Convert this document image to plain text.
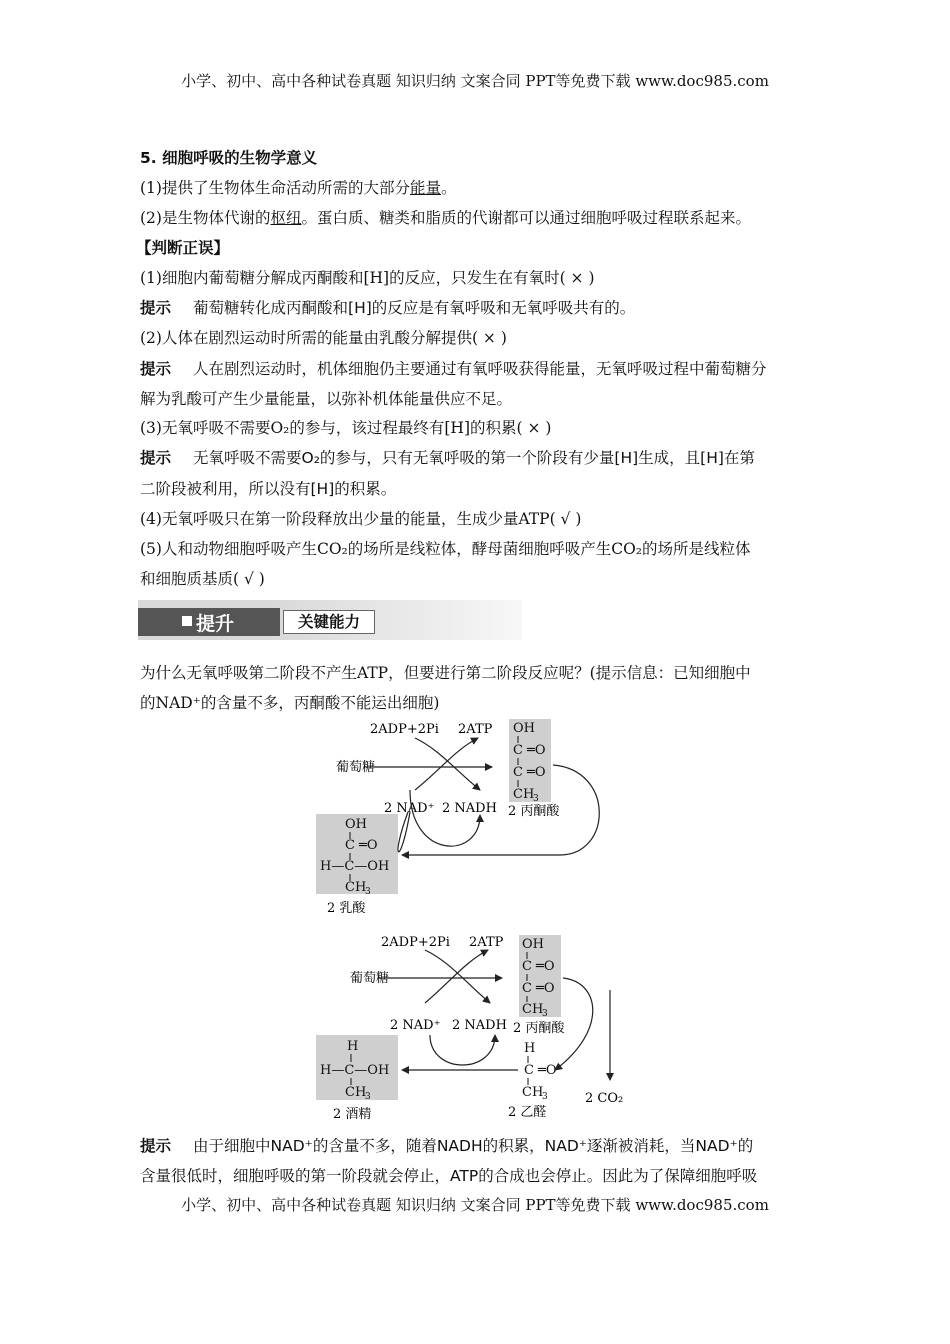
小学、初中、高中各种试卷真题 知识归纳 文案合同 PPT等免费下载 www.doc985.com
5. 细胞呼吸的生物学意义
(1)提供了生物体生命活动所需的大部分能量。
(2)是生物体代谢的枢纽。蛋白质、糖类和脂质的代谢都可以通过细胞呼吸过程联系起来。
【判断正误】
(1)细胞内葡萄糖分解成丙酮酸和[H]的反应，只发生在有氧时( × )
提示 葡萄糖转化成丙酮酸和[H]的反应是有氧呼吸和无氧呼吸共有的。
(2)人体在剧烈运动时所需的能量由乳酸分解提供( × )
提示 人在剧烈运动时，机体细胞仍主要通过有氧呼吸获得能量，无氧呼吸过程中葡萄糖分
解为乳酸可产生少量能量，以弥补机体能量供应不足。
(3)无氧呼吸不需要O₂的参与，该过程最终有[H]的积累( × )
提示 无氧呼吸不需要O₂的参与，只有无氧呼吸的第一个阶段有少量[H]生成，且[H]在第
二阶段被利用，所以没有[H]的积累。
(4)无氧呼吸只在第一阶段释放出少量的能量，生成少量ATP( √ )
(5)人和动物细胞呼吸产生CO₂的场所是线粒体，酵母菌细胞呼吸产生CO₂的场所是线粒体
和细胞质基质( √ )
提升	关键能力
为什么无氧呼吸第二阶段不产生ATP，但要进行第二阶段反应呢？(提示信息：已知细胞中
的NAD⁺的含量不多，丙酮酸不能运出细胞)
2ADP+2Pi 2ATP
葡萄糖
2 NAD⁺ 2 NADH 2 丙酮酸
2 乳酸
OH
C ═O
C ═O
CH
3
OH
C ═O
H—C—OH
CH
3
2ADP+2Pi 2ATP
葡萄糖
2 NAD⁺ 2 NADH 2 丙酮酸
2 酒精	2 乙醛
2 CO₂
OH
C ═O
C ═O
CH
3
H
H—C—OH
CH
3
H
C ═O
CH
3
提示 由于细胞中NAD⁺的含量不多，随着NADH的积累，NAD⁺逐渐被消耗，当NAD⁺的
含量很低时，细胞呼吸的第一阶段就会停止，ATP的合成也会停止。因此为了保障细胞呼吸
小学、初中、高中各种试卷真题 知识归纳 文案合同 PPT等免费下载 www.doc985.com
